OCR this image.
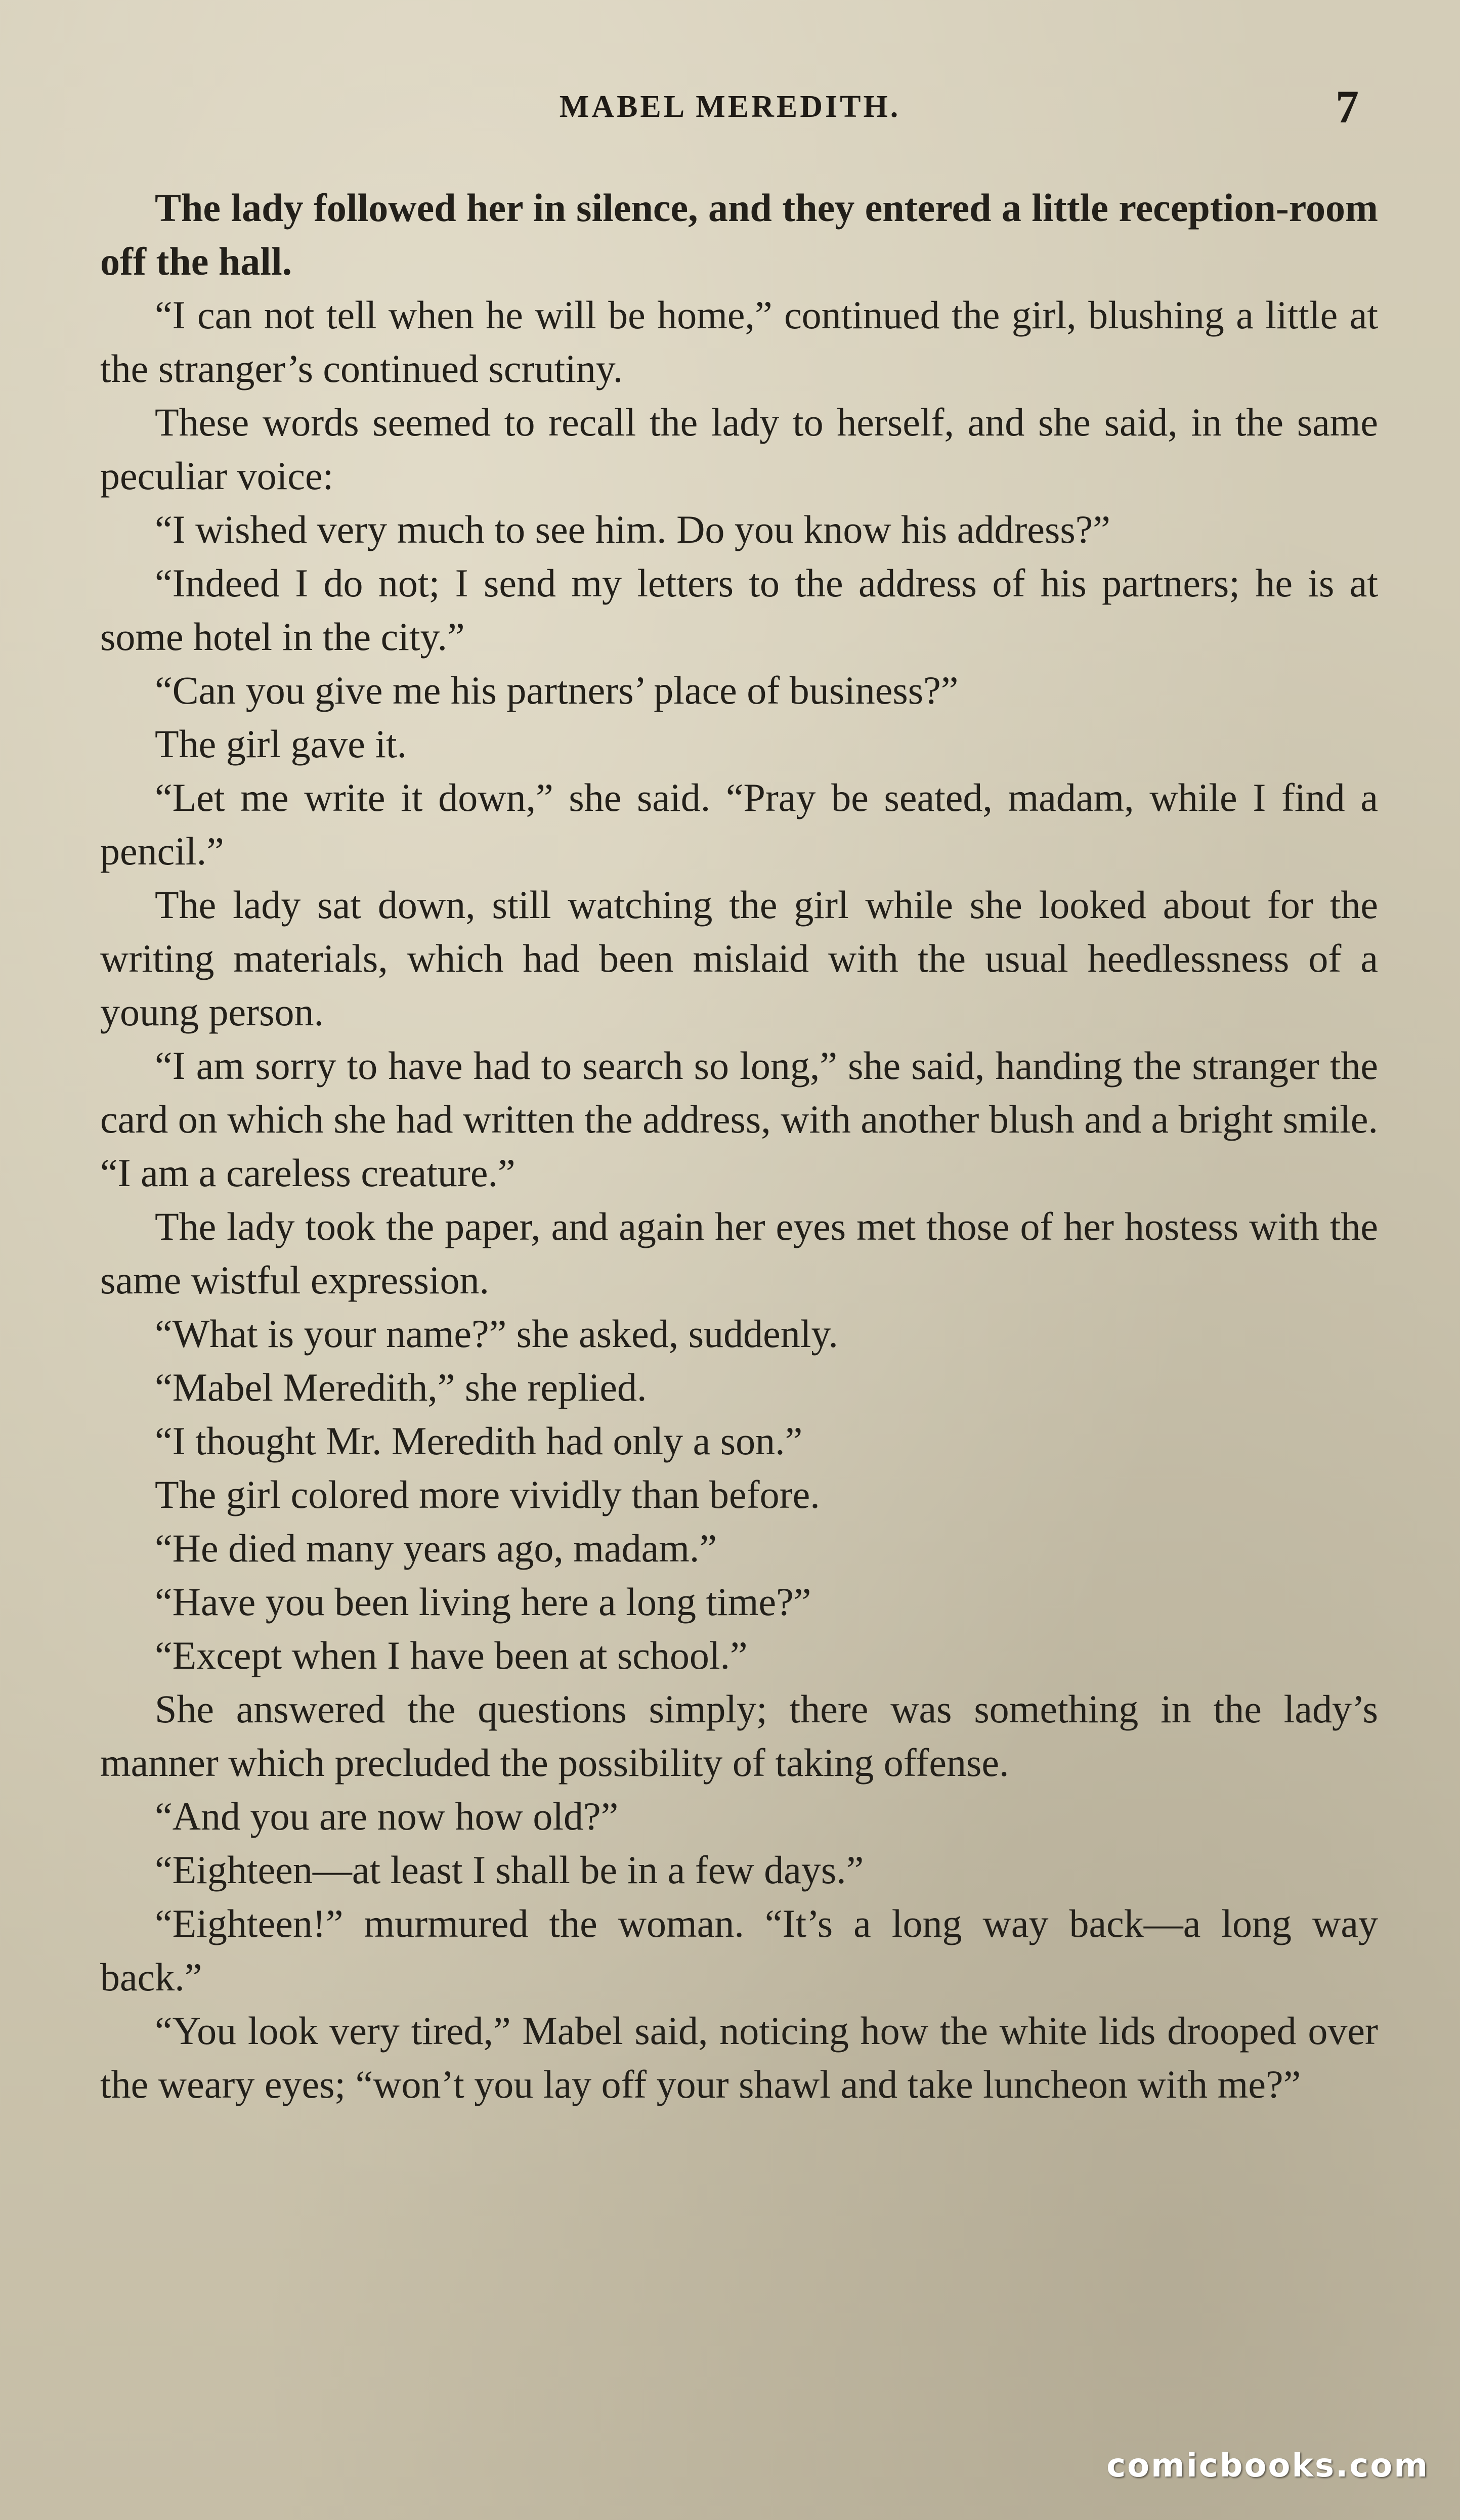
MABEL MEREDITH.	7

The lady followed her in silence, and they entered a little reception-room off the hall.

“I can not tell when he will be home,” continued the girl, blushing a little at the stranger’s continued scrutiny.

These words seemed to recall the lady to herself, and she said, in the same peculiar voice:

“I wished very much to see him. Do you know his address?”

“Indeed I do not; I send my letters to the address of his partners; he is at some hotel in the city.”

“Can you give me his partners’ place of business?”

The girl gave it.

“Let me write it down,” she said. “Pray be seated, madam, while I find a pencil.”

The lady sat down, still watching the girl while she looked about for the writing materials, which had been mislaid with the usual heedlessness of a young person.

“I am sorry to have had to search so long,” she said, handing the stranger the card on which she had written the address, with another blush and a bright smile. “I am a careless creature.”

The lady took the paper, and again her eyes met those of her hostess with the same wistful expression.

“What is your name?” she asked, suddenly.

“Mabel Meredith,” she replied.

“I thought Mr. Meredith had only a son.”

The girl colored more vividly than before.

“He died many years ago, madam.”

“Have you been living here a long time?”

“Except when I have been at school.”

She answered the questions simply; there was something in the lady’s manner which precluded the possibility of taking offense.

“And you are now how old?”

“Eighteen—at least I shall be in a few days.”

“Eighteen!” murmured the woman. “It’s a long way back—a long way back.”

“You look very tired,” Mabel said, noticing how the white lids drooped over the weary eyes; “won’t you lay off your shawl and take luncheon with me?”

comicbooks.com
